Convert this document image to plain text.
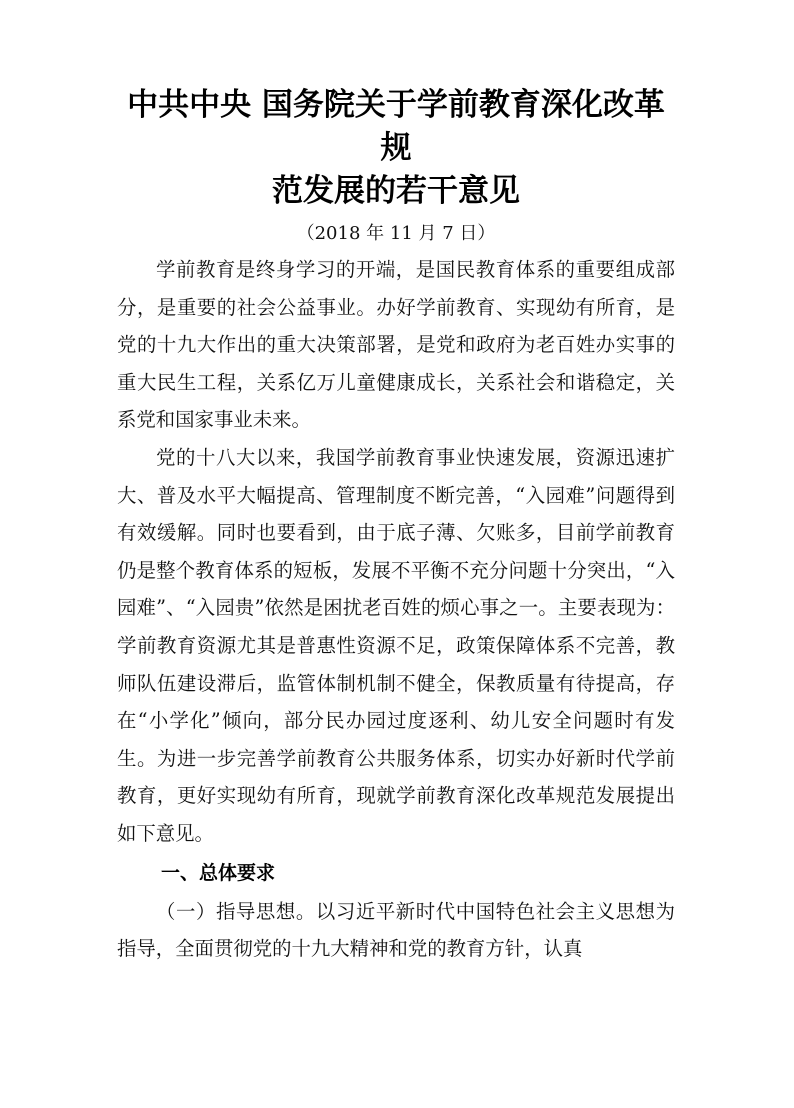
中共中央 国务院关于学前教育深化改革规
范发展的若干意见
（2018 年 11 月 7 日）

学前教育是终身学习的开端，是国民教育体系的重要组成部分，是重要的社会公益事业。办好学前教育、实现幼有所育，是党的十九大作出的重大决策部署，是党和政府为老百姓办实事的重大民生工程，关系亿万儿童健康成长，关系社会和谐稳定，关系党和国家事业未来。

党的十八大以来，我国学前教育事业快速发展，资源迅速扩大、普及水平大幅提高、管理制度不断完善，“入园难”问题得到有效缓解。同时也要看到，由于底子薄、欠账多，目前学前教育仍是整个教育体系的短板，发展不平衡不充分问题十分突出，“入园难”、“入园贵”依然是困扰老百姓的烦心事之一。主要表现为：学前教育资源尤其是普惠性资源不足，政策保障体系不完善，教师队伍建设滞后，监管体制机制不健全，保教质量有待提高，存在“小学化”倾向，部分民办园过度逐利、幼儿安全问题时有发生。为进一步完善学前教育公共服务体系，切实办好新时代学前教育，更好实现幼有所育，现就学前教育深化改革规范发展提出如下意见。

一、总体要求

（一）指导思想。以习近平新时代中国特色社会主义思想为指导，全面贯彻党的十九大精神和党的教育方针，认真
